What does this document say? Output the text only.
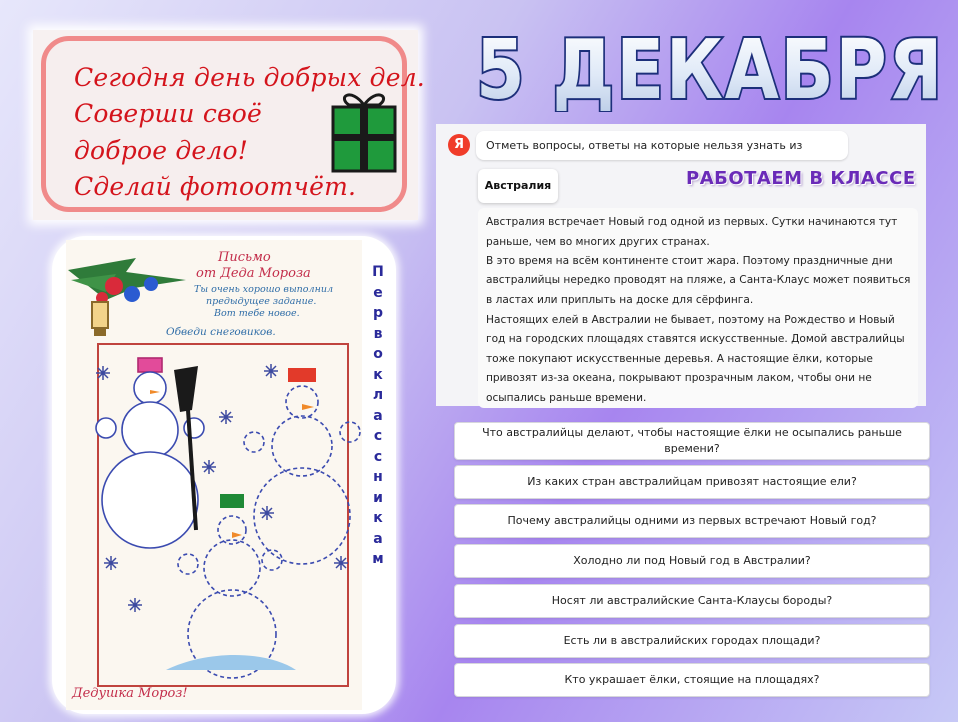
Сегодня день добрых дел.
Соверши своё
доброе дело!
Сделай фотоотчёт.
5 ДЕКАБРЯ
Я	Отметь вопросы, ответы на которые нельзя узнать из
Австралия	РАБОТАЕМ В КЛАССЕ
Австралия встречает Новый год одной из первых. Сутки начинаются тут
раньше, чем во многих других странах.
В это время на всём континенте стоит жара. Поэтому праздничные дни
австралийцы нередко проводят на пляже, а Санта-Клаус может появиться
в ластах или приплыть на доске для сёрфинга.
Настоящих елей в Австралии не бывает, поэтому на Рождество и Новый
год на городских площадях ставятся искусственные. Домой австралийцы
тоже покупают искусственные деревья. А настоящие ёлки, которые
привозят из-за океана, покрывают прозрачным лаком, чтобы они не
осыпались раньше времени.
Что австралийцы делают, чтобы настоящие ёлки не осыпались раньше времени?
Из каких стран австралийцам привозят настоящие ели?
Почему австралийцы одними из первых встречают Новый год?
Холодно ли под Новый год в Австралии?
Носят ли австралийские Санта-Клаусы бороды?
Есть ли в австралийских городах площади?
Кто украшает ёлки, стоящие на площадях?
Письмо
от Деда Мороза
Ты очень хорошо выполнил
предыдущее задание.
Вот тебе новое.
Обведи снеговиков.
Дедушка Мороз!
П
е
р
в
о
к
л
а
с
с
н
и
к
а
м
